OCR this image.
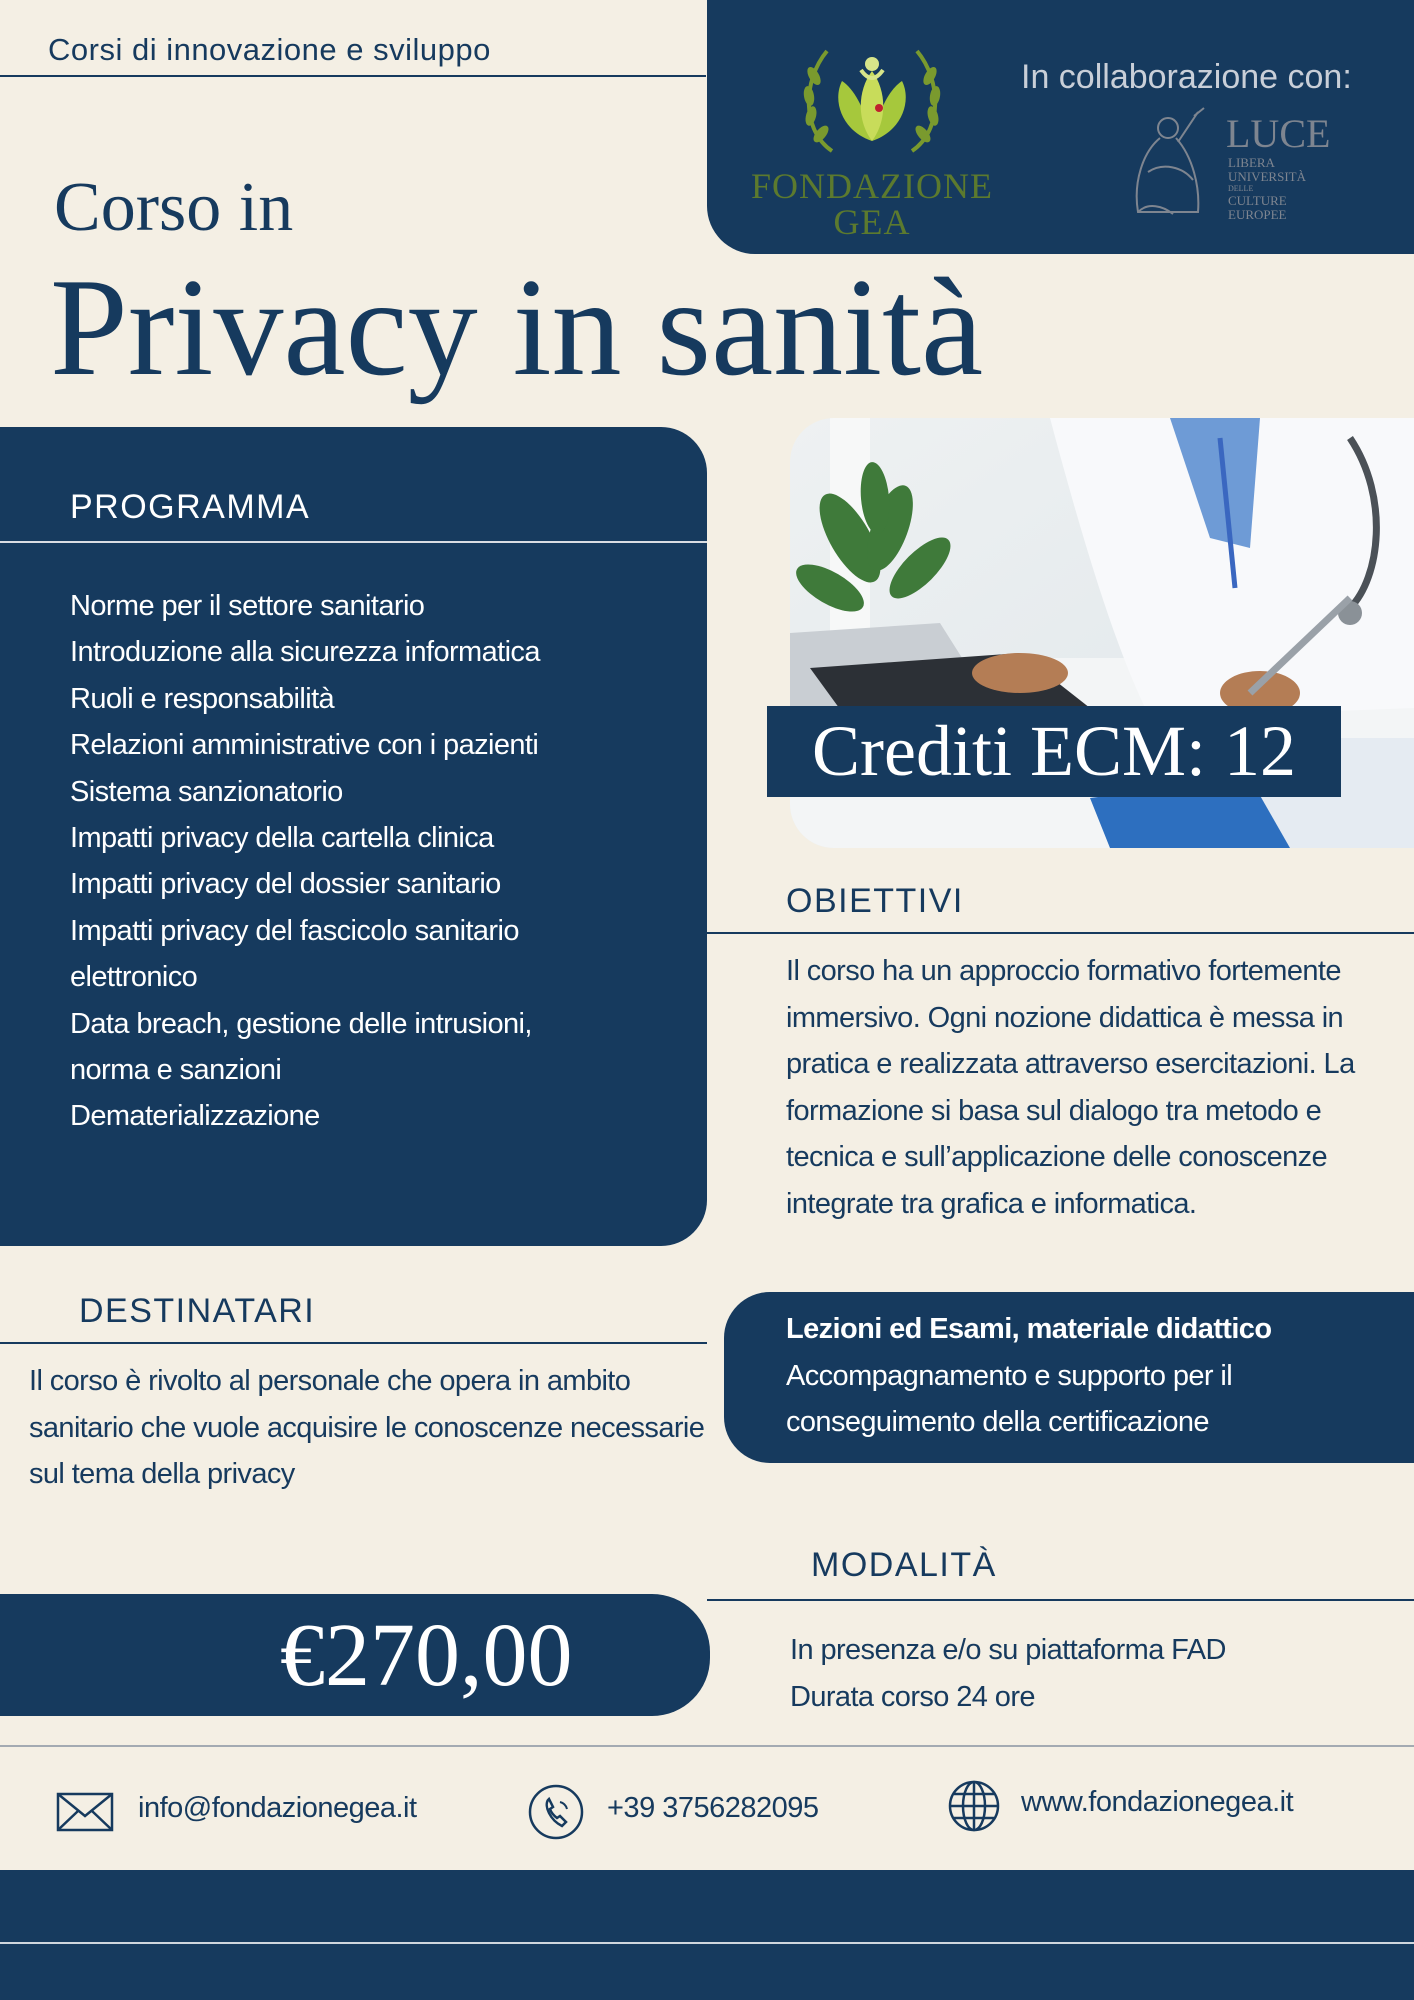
Corsi di innovazione e sviluppo
FONDAZIONE
GEA
In collaborazione con:
LUCE
LIBERA
UNIVERSITÀ
DELLE
CULTURE
EUROPEE
Corso in
Privacy in sanità
PROGRAMMA
Norme per il settore sanitario
Introduzione alla sicurezza informatica
Ruoli e responsabilità
Relazioni amministrative con i pazienti
Sistema sanzionatorio
Impatti privacy della cartella clinica
Impatti privacy del dossier sanitario
Impatti privacy del fascicolo sanitario elettronico
Data breach, gestione delle intrusioni, norma e sanzioni
Dematerializzazione
Crediti ECM: 12
OBIETTIVI
Il corso ha un approccio formativo fortemente immersivo. Ogni nozione didattica è messa in pratica e realizzata attraverso esercitazioni. La formazione si basa sul dialogo tra metodo e tecnica e sull’applicazione delle conoscenze integrate tra grafica e informatica.
DESTINATARI
Il corso è rivolto al personale che opera in ambito sanitario che vuole acquisire le conoscenze necessarie sul tema della privacy
Lezioni ed Esami, materiale didattico
Accompagnamento e supporto per il conseguimento della certificazione
MODALITÀ
In presenza e/o su piattaforma FAD
Durata corso 24 ore
€270,00
info@fondazionegea.it	+39 3756282095	www.fondazionegea.it
